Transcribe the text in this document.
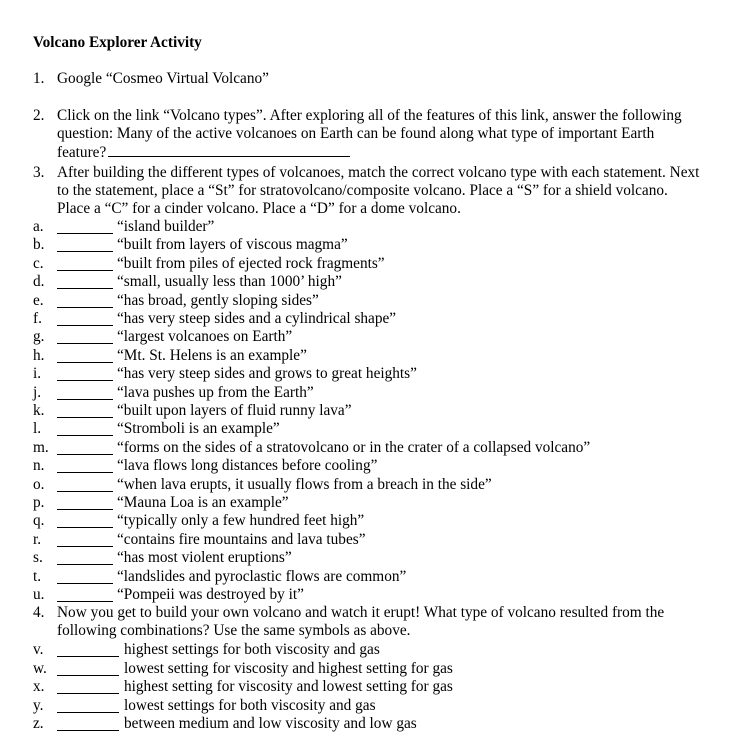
Volcano Explorer Activity
1. Google “Cosmeo Virtual Volcano”
2. Click on the link “Volcano types”. After exploring all of the features of this link, answer the following
question: Many of the active volcanoes on Earth can be found along what type of important Earth
feature?
3. After building the different types of volcanoes, match the correct volcano type with each statement. Next
to the statement, place a “St” for stratovolcano/composite volcano. Place a “S” for a shield volcano.
Place a “C” for a cinder volcano. Place a “D” for a dome volcano.
a.	“island builder”
b.	“built from layers of viscous magma”
c.	“built from piles of ejected rock fragments”
d.	“small, usually less than 1000’ high”
e.	“has broad, gently sloping sides”
f.	“has very steep sides and a cylindrical shape”
g.	“largest volcanoes on Earth”
h.	“Mt. St. Helens is an example”
i.	“has very steep sides and grows to great heights”
j.	“lava pushes up from the Earth”
k.	“built upon layers of fluid runny lava”
l.	“Stromboli is an example”
m.	“forms on the sides of a stratovolcano or in the crater of a collapsed volcano”
n.	“lava flows long distances before cooling”
o.	“when lava erupts, it usually flows from a breach in the side”
p.	“Mauna Loa is an example”
q.	“typically only a few hundred feet high”
r.	“contains fire mountains and lava tubes”
s.	“has most violent eruptions”
t.	“landslides and pyroclastic flows are common”
u.	“Pompeii was destroyed by it”
4. Now you get to build your own volcano and watch it erupt! What type of volcano resulted from the
following combinations? Use the same symbols as above.
v.	highest settings for both viscosity and gas
w.	lowest setting for viscosity and highest setting for gas
x.	highest setting for viscosity and lowest setting for gas
y.	lowest settings for both viscosity and gas
z.	between medium and low viscosity and low gas
